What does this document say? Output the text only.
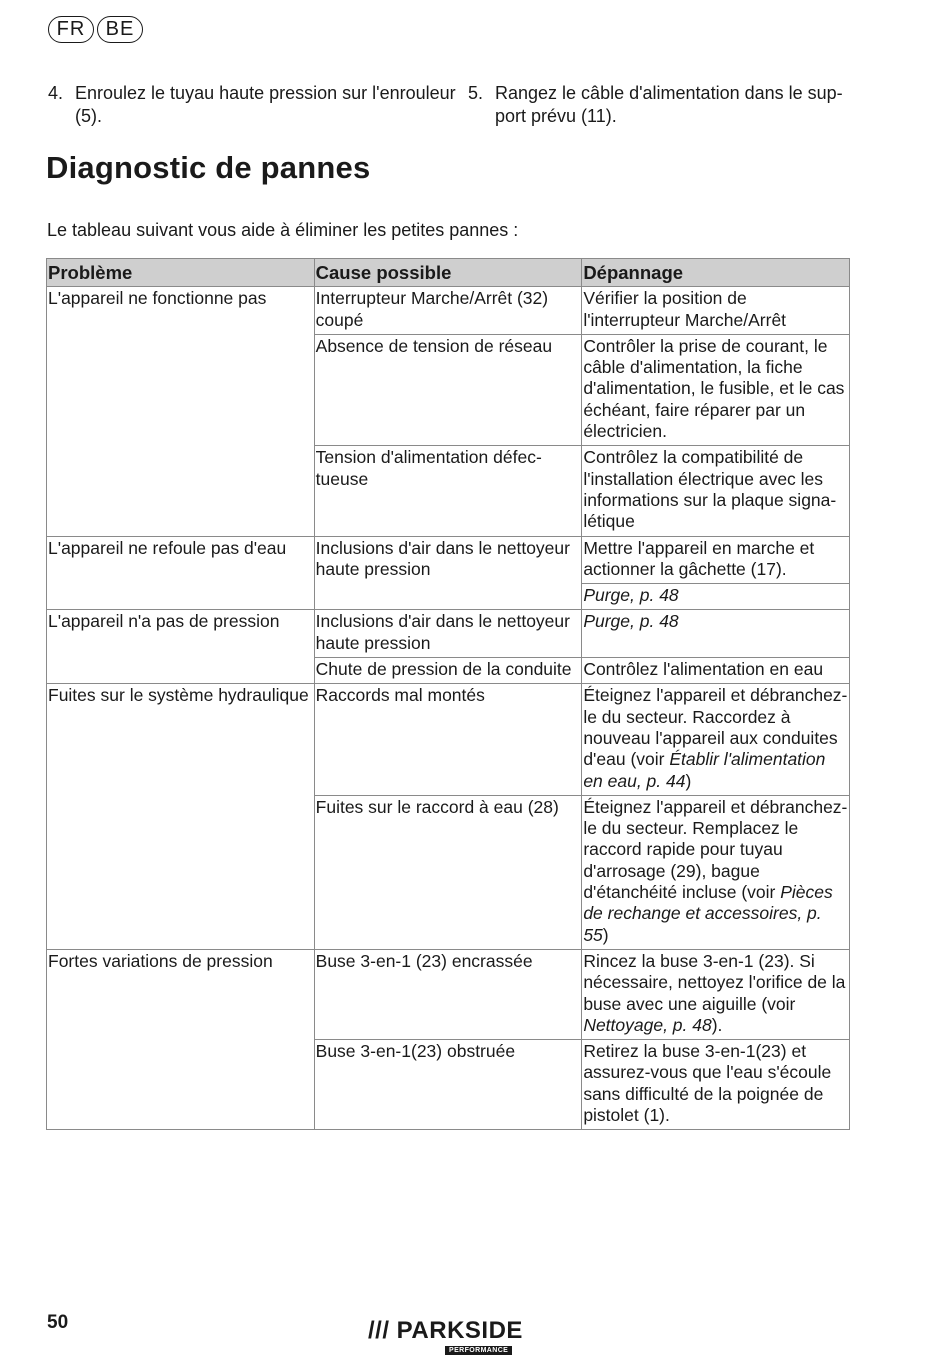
FR	BE
4. Enroulez le tuyau haute pression sur l'enrouleur (5).
5. Rangez le câble d'alimentation dans le support prévu (11).
Diagnostic de pannes

Le tableau suivant vous aide à éliminer les petites pannes :

Problème	Cause possible	Dépannage
L'appareil ne fonctionne pas	Interrupteur Marche/Arrêt (32) coupé	Vérifier la position de l'interrupteur Marche/Arrêt
	Absence de tension de réseau	Contrôler la prise de courant, le câble d'alimentation, la fiche d'alimentation, le fusible, et le cas échéant, faire réparer par un électricien.
	Tension d'alimentation défectueuse	Contrôlez la compatibilité de l'installation électrique avec les informations sur la plaque signalétique
L'appareil ne refoule pas d'eau	Inclusions d'air dans le nettoyeur haute pression	Mettre l'appareil en marche et actionner la gâchette (17).
		Purge, p. 48
L'appareil n'a pas de pression	Inclusions d'air dans le nettoyeur haute pression	Purge, p. 48
	Chute de pression de la conduite	Contrôlez l'alimentation en eau
Fuites sur le système hydraulique	Raccords mal montés	Éteignez l'appareil et débranchez-le du secteur. Raccordez à nouveau l'appareil aux conduites d'eau (voir Établir l'alimentation en eau, p. 44)
	Fuites sur le raccord à eau (28)	Éteignez l'appareil et débranchez-le du secteur. Remplacez le raccord rapide pour tuyau d'arrosage (29), bague d'étanchéité incluse (voir Pièces de rechange et accessoires, p. 55)
Fortes variations de pression	Buse 3-en-1 (23) encrassée	Rincez la buse 3-en-1 (23). Si nécessaire, nettoyez l'orifice de la buse avec une aiguille (voir Nettoyage, p. 48).
	Buse 3-en-1(23) obstruée	Retirez la buse 3-en-1(23) et assurez-vous que l'eau s'écoule sans difficulté de la poignée de pistolet (1).
50	/// PARKSIDE
PERFORMANCE
